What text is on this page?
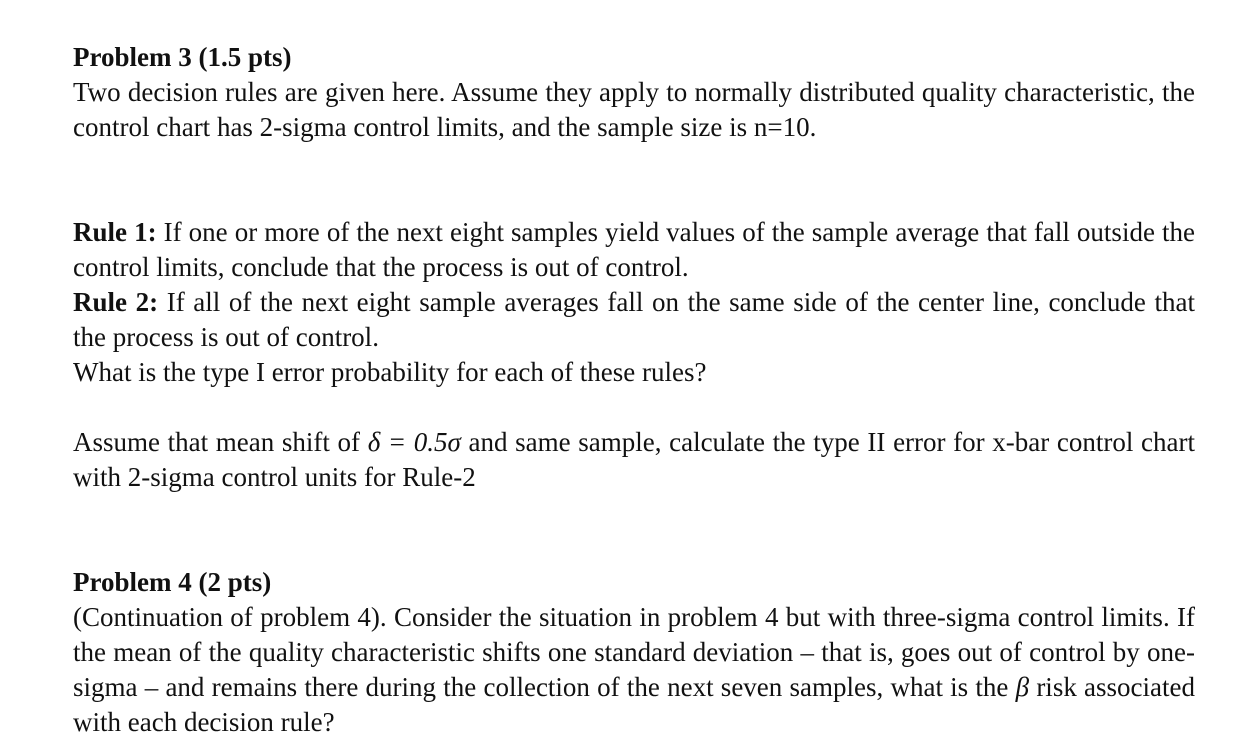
Problem 3 (1.5 pts)

Two decision rules are given here. Assume they apply to normally distributed quality characteristic, the control chart has 2-sigma control limits, and the sample size is n=10.

Rule 1: If one or more of the next eight samples yield values of the sample average that fall outside the control limits, conclude that the process is out of control.

Rule 2: If all of the next eight sample averages fall on the same side of the center line, conclude that the process is out of control.

What is the type I error probability for each of these rules?

Assume that mean shift of δ = 0.5σ and same sample, calculate the type II error for x-bar control chart with 2-sigma control units for Rule-2

Problem 4 (2 pts)

(Continuation of problem 4). Consider the situation in problem 4 but with three-sigma control limits. If the mean of the quality characteristic shifts one standard deviation – that is, goes out of control by one-sigma – and remains there during the collection of the next seven samples, what is the β risk associated with each decision rule?
